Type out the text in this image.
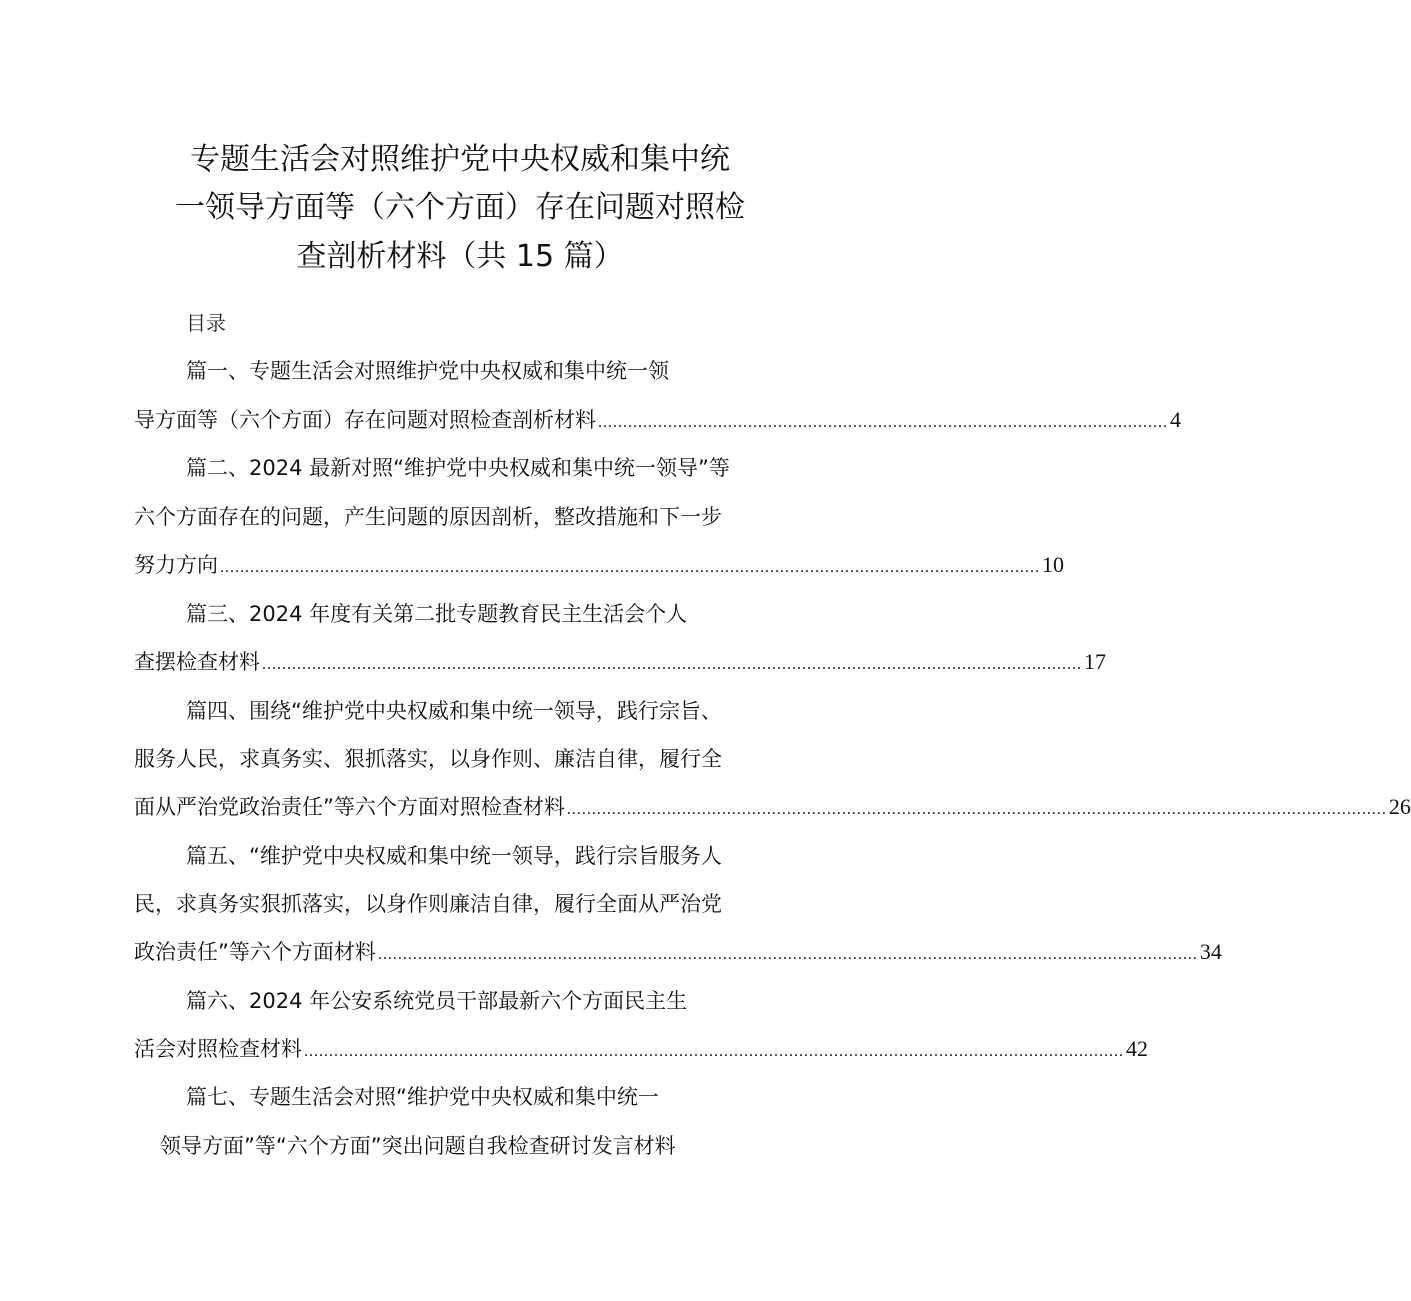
专题生活会对照维护党中央权威和集中统
一领导方面等（六个方面）存在问题对照检
查剖析材料（共 15 篇）
目录
篇一、专题生活会对照维护党中央权威和集中统一领
导方面等（六个方面）存在问题对照检查剖析材料 .................................................................................................................. 4
篇二、2024 最新对照“维护党中央权威和集中统一领导”等
六个方面存在的问题，产生问题的原因剖析，整改措施和下一步
努力方向 .................................................................................................................................................................... 10
篇三、2024 年度有关第二批专题教育民主生活会个人
查摆检查材料 .................................................................................................................................................................... 17
篇四、围绕“维护党中央权威和集中统一领导，践行宗旨、
服务人民，求真务实、狠抓落实，以身作则、廉洁自律，履行全
面从严治党政治责任”等六个方面对照检查材料 .................................................................................................................................................................... 26
篇五、“维护党中央权威和集中统一领导，践行宗旨服务人
民，求真务实狠抓落实，以身作则廉洁自律，履行全面从严治党
政治责任”等六个方面材料 .................................................................................................................................................................... 34
篇六、2024 年公安系统党员干部最新六个方面民主生
活会对照检查材料 .................................................................................................................................................................... 42
篇七、专题生活会对照“维护党中央权威和集中统一
领导方面”等“六个方面”突出问题自我检查研讨发言材料
